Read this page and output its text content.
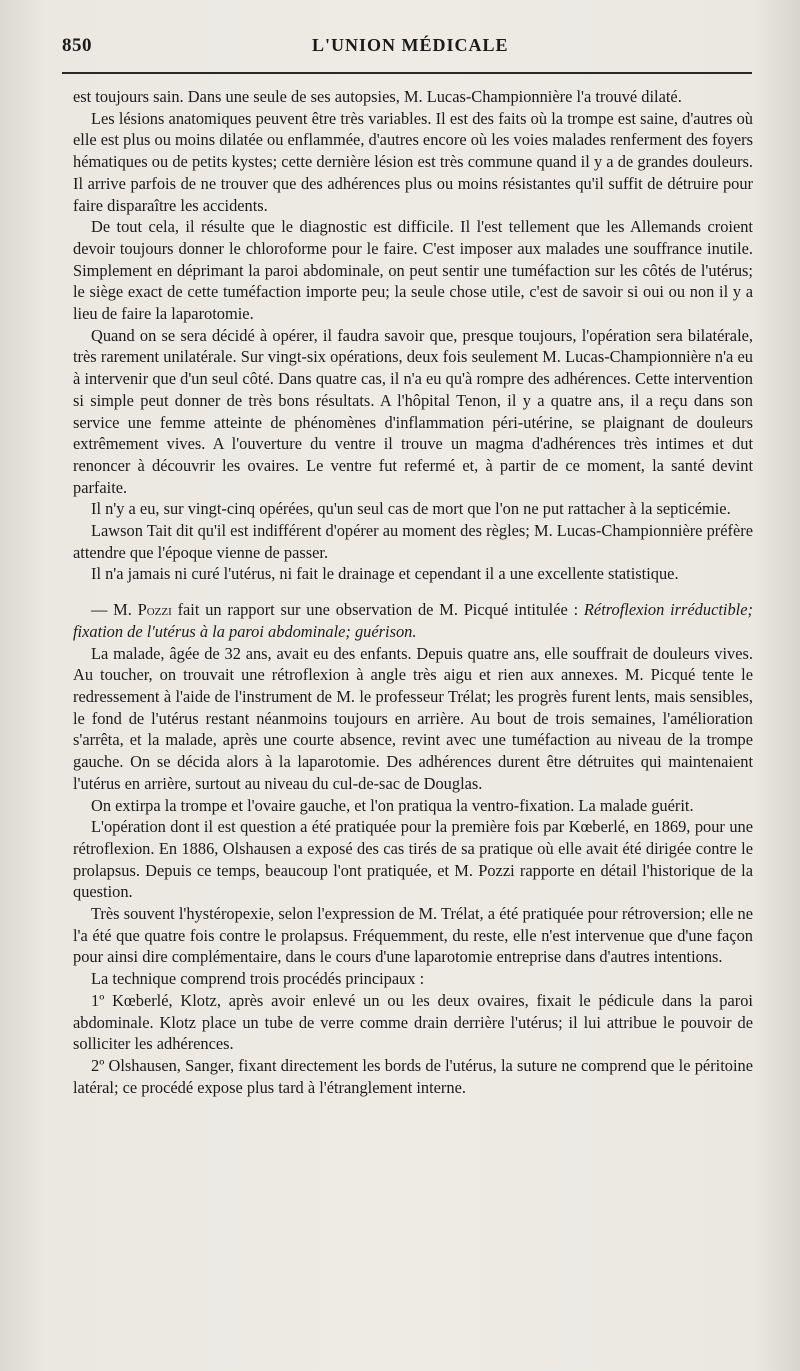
850	L'UNION MÉDICALE

est toujours sain. Dans une seule de ses autopsies, M. Lucas-Championnière l'a trouvé dilaté.

Les lésions anatomiques peuvent être très variables. Il est des faits où la trompe est saine, d'autres où elle est plus ou moins dilatée ou enflammée, d'autres encore où les voies malades renferment des foyers hématiques ou de petits kystes; cette dernière lésion est très commune quand il y a de grandes douleurs. Il arrive parfois de ne trouver que des adhérences plus ou moins résistantes qu'il suffit de détruire pour faire disparaître les accidents.

De tout cela, il résulte que le diagnostic est difficile. Il l'est tellement que les Allemands croient devoir toujours donner le chloroforme pour le faire. C'est imposer aux malades une souffrance inutile. Simplement en déprimant la paroi abdominale, on peut sentir une tuméfaction sur les côtés de l'utérus; le siège exact de cette tuméfaction importe peu; la seule chose utile, c'est de savoir si oui ou non il y a lieu de faire la laparotomie.

Quand on se sera décidé à opérer, il faudra savoir que, presque toujours, l'opération sera bilatérale, très rarement unilatérale. Sur vingt-six opérations, deux fois seulement M. Lucas-Championnière n'a eu à intervenir que d'un seul côté. Dans quatre cas, il n'a eu qu'à rompre des adhérences. Cette intervention si simple peut donner de très bons résultats. A l'hôpital Tenon, il y a quatre ans, il a reçu dans son service une femme atteinte de phénomènes d'inflammation péri-utérine, se plaignant de douleurs extrêmement vives. A l'ouverture du ventre il trouve un magma d'adhérences très intimes et dut renoncer à découvrir les ovaires. Le ventre fut refermé et, à partir de ce moment, la santé devint parfaite.

Il n'y a eu, sur vingt-cinq opérées, qu'un seul cas de mort que l'on ne put rattacher à la septicémie.

Lawson Tait dit qu'il est indifférent d'opérer au moment des règles; M. Lucas-Championnière préfère attendre que l'époque vienne de passer.

Il n'a jamais ni curé l'utérus, ni fait le drainage et cependant il a une excellente statistique.

— M. Pozzi fait un rapport sur une observation de M. Picqué intitulée : Rétroflexion irréductible; fixation de l'utérus à la paroi abdominale; guérison.

La malade, âgée de 32 ans, avait eu des enfants. Depuis quatre ans, elle souffrait de douleurs vives. Au toucher, on trouvait une rétroflexion à angle très aigu et rien aux annexes. M. Picqué tente le redressement à l'aide de l'instrument de M. le professeur Trélat; les progrès furent lents, mais sensibles, le fond de l'utérus restant néanmoins toujours en arrière. Au bout de trois semaines, l'amélioration s'arrêta, et la malade, après une courte absence, revint avec une tuméfaction au niveau de la trompe gauche. On se décida alors à la laparotomie. Des adhérences durent être détruites qui maintenaient l'utérus en arrière, surtout au niveau du cul-de-sac de Douglas.

On extirpa la trompe et l'ovaire gauche, et l'on pratiqua la ventro-fixation. La malade guérit.

L'opération dont il est question a été pratiquée pour la première fois par Kœberlé, en 1869, pour une rétroflexion. En 1886, Olshausen a exposé des cas tirés de sa pratique où elle avait été dirigée contre le prolapsus. Depuis ce temps, beaucoup l'ont pratiquée, et M. Pozzi rapporte en détail l'historique de la question.

Très souvent l'hystéropexie, selon l'expression de M. Trélat, a été pratiquée pour rétroversion; elle ne l'a été que quatre fois contre le prolapsus. Fréquemment, du reste, elle n'est intervenue que d'une façon pour ainsi dire complémentaire, dans le cours d'une laparotomie entreprise dans d'autres intentions.

La technique comprend trois procédés principaux :

1º Kœberlé, Klotz, après avoir enlevé un ou les deux ovaires, fixait le pédicule dans la paroi abdominale. Klotz place un tube de verre comme drain derrière l'utérus; il lui attribue le pouvoir de solliciter les adhérences.

2º Olshausen, Sanger, fixant directement les bords de l'utérus, la suture ne comprend que le péritoine latéral; ce procédé expose plus tard à l'étranglement interne.
